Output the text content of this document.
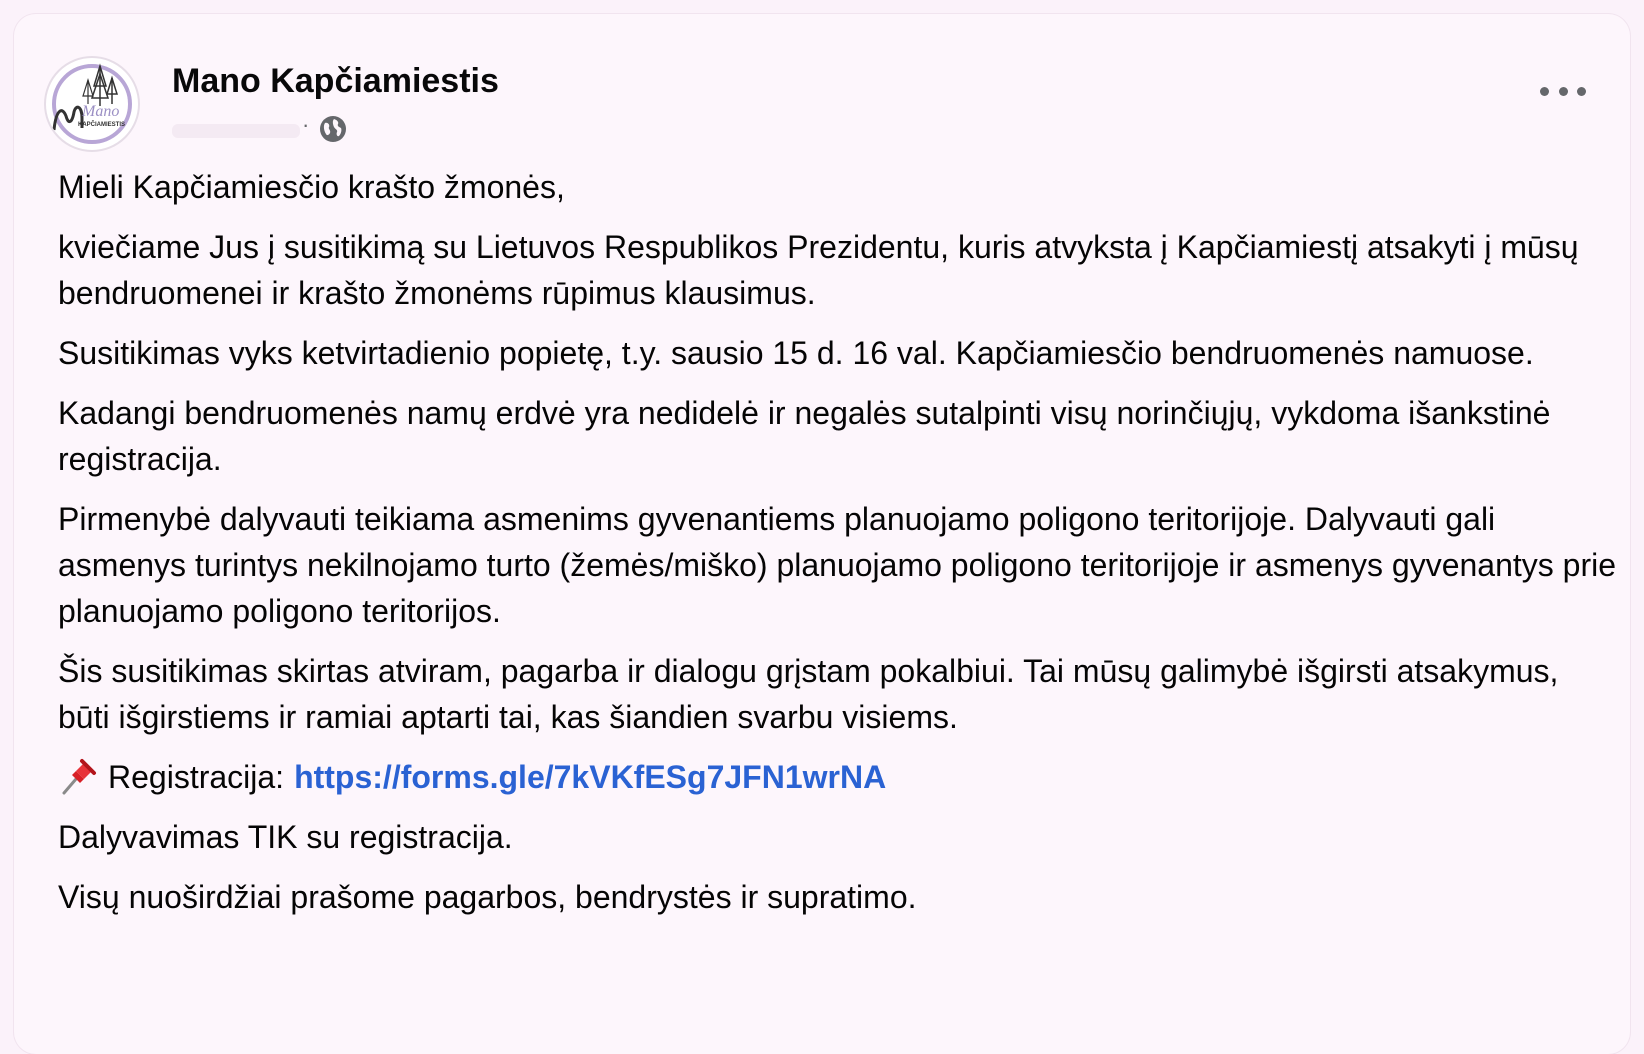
Mano
KAPČIAMIESTIS
Mano Kapčiamiestis
·

Mieli Kapčiamiesčio krašto žmonės,

kviečiame Jus į susitikimą su Lietuvos Respublikos Prezidentu, kuris atvyksta į Kapčiamiestį atsakyti į mūsų bendruomenei ir krašto žmonėms rūpimus klausimus.

Susitikimas vyks ketvirtadienio popietę, t.y. sausio 15 d. 16 val. Kapčiamiesčio bendruomenės namuose.

Kadangi bendruomenės namų erdvė yra nedidelė ir negalės sutalpinti visų norinčiųjų, vykdoma išankstinė registracija.

Pirmenybė dalyvauti teikiama asmenims gyvenantiems planuojamo poligono teritorijoje. Dalyvauti gali asmenys turintys nekilnojamo turto (žemės/miško) planuojamo poligono teritorijoje ir asmenys gyvenantys prie planuojamo poligono teritorijos.

Šis susitikimas skirtas atviram, pagarba ir dialogu grįstam pokalbiui. Tai mūsų galimybė išgirsti atsakymus, būti išgirstiems ir ramiai aptarti tai, kas šiandien svarbu visiems.

Registracija: https://forms.gle/7kVKfESg7JFN1wrNA

Dalyvavimas TIK su registracija.

Visų nuoširdžiai prašome pagarbos, bendrystės ir supratimo.
